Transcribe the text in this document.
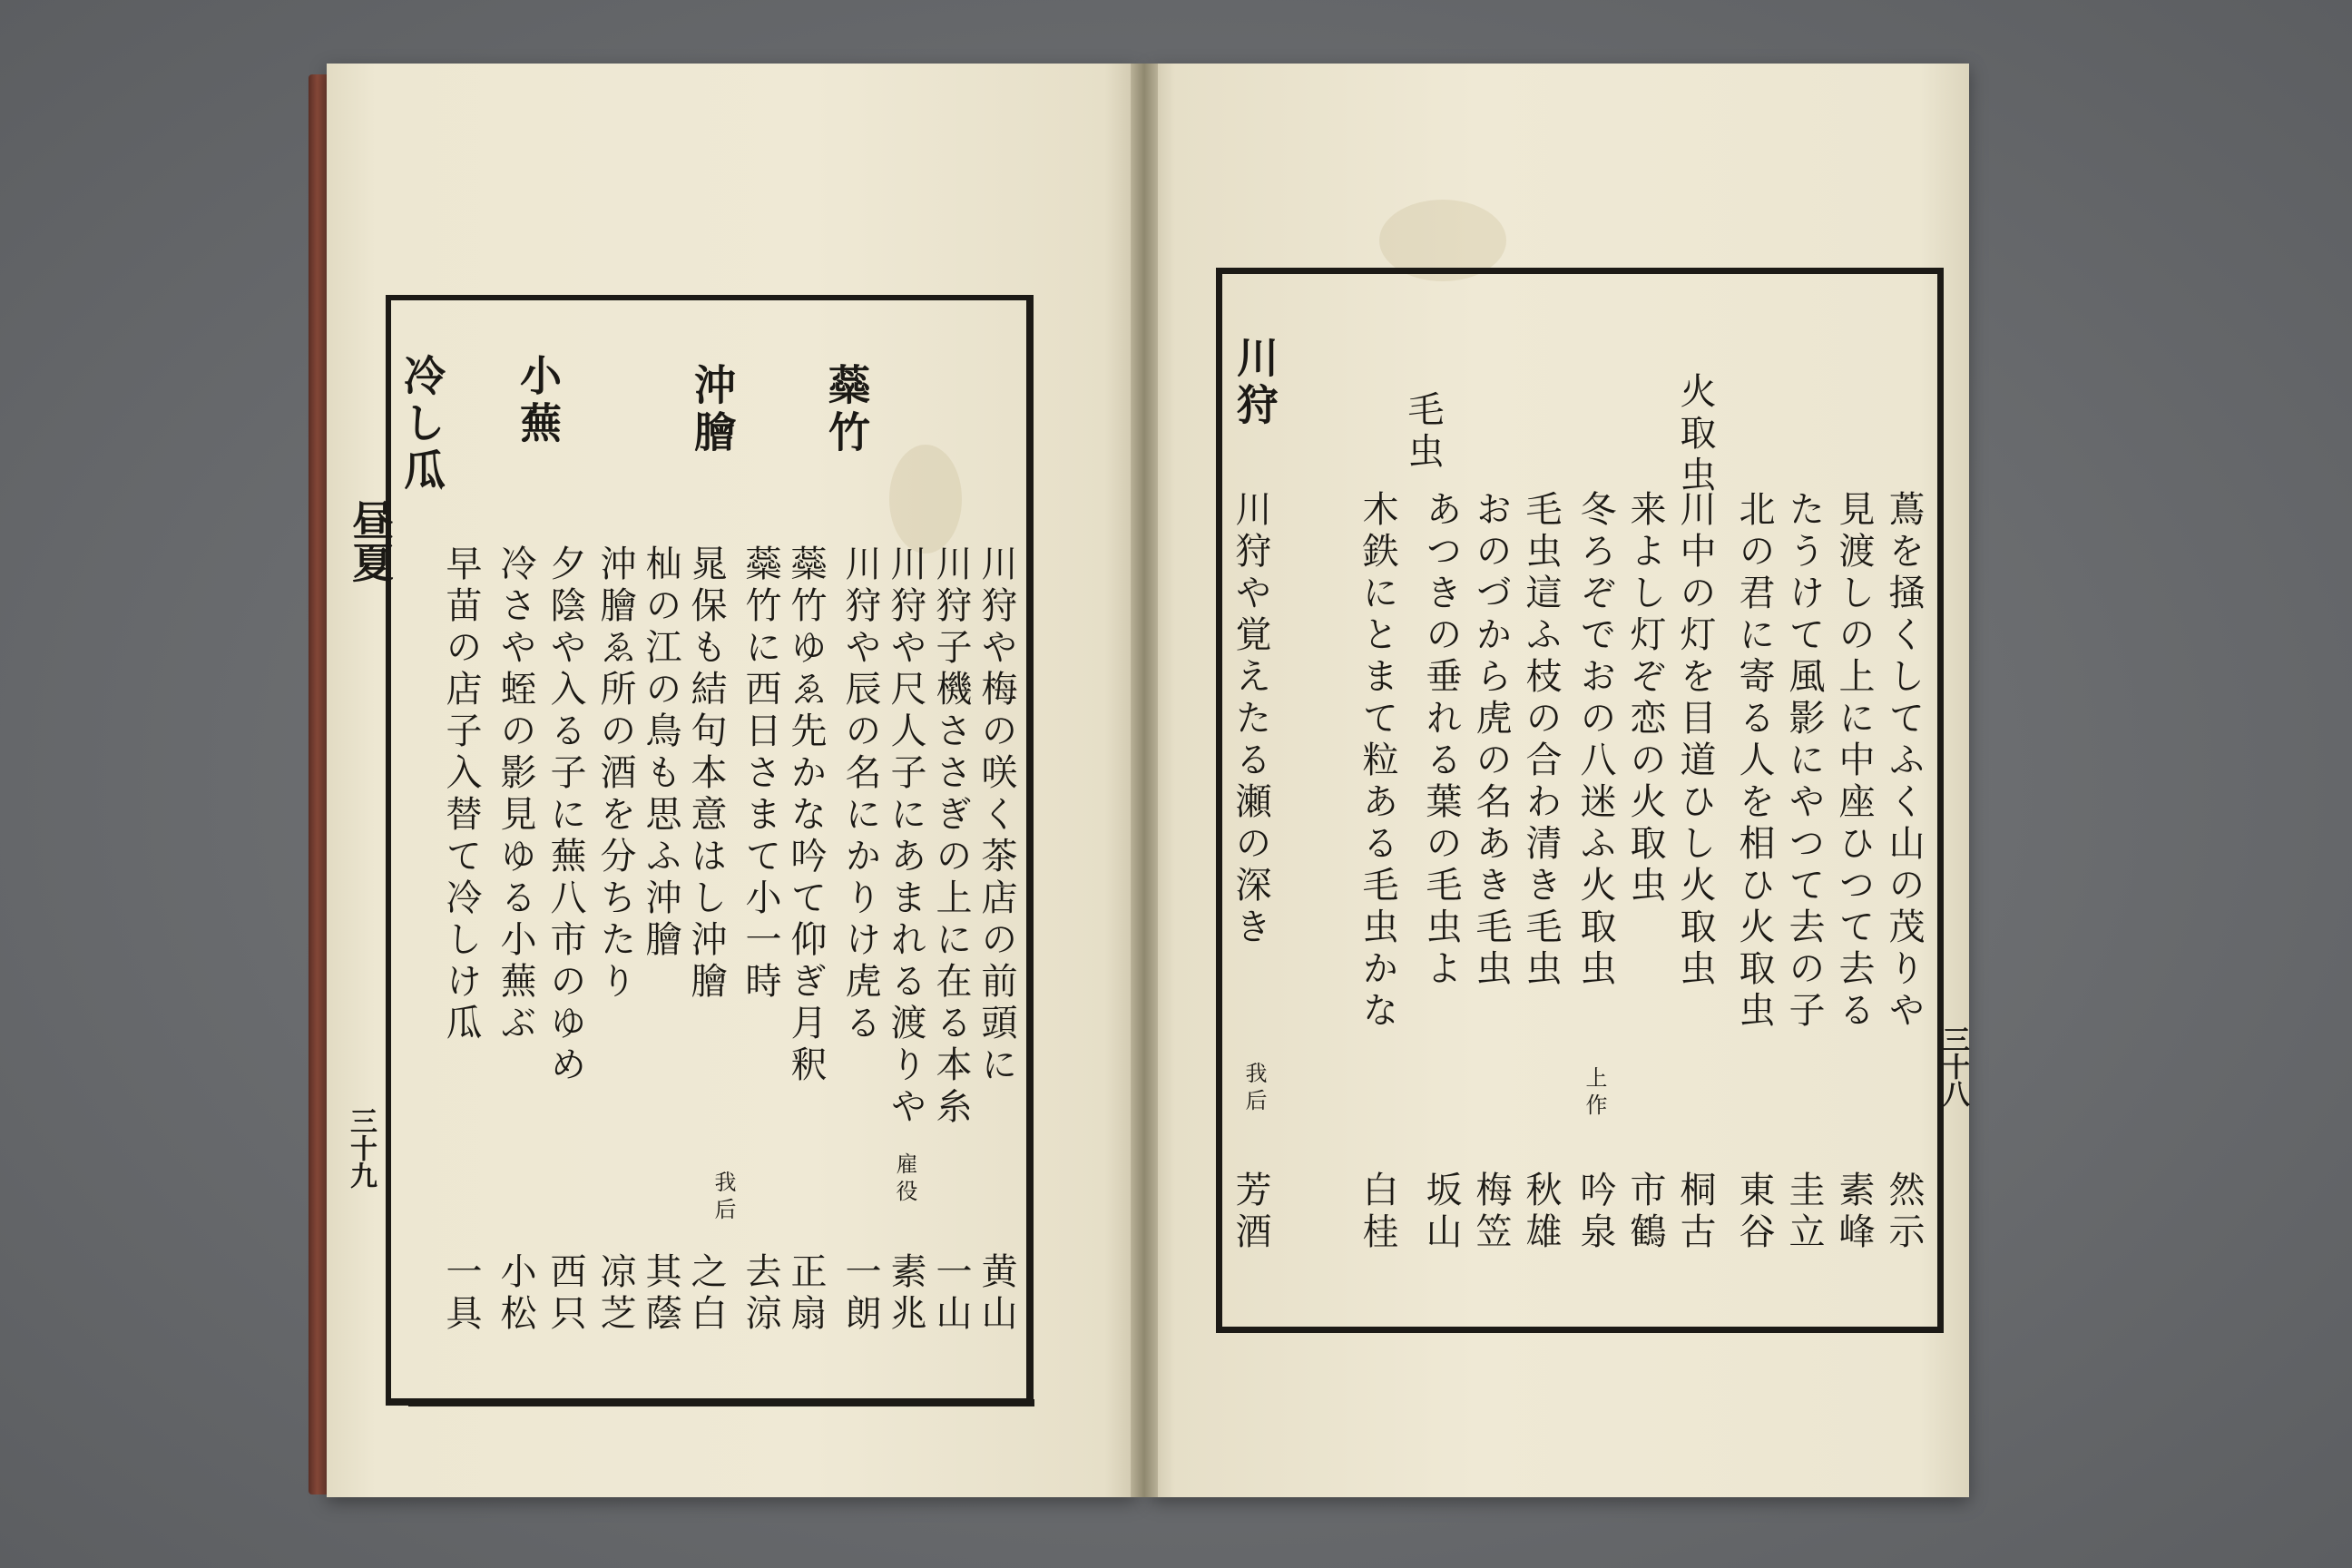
昼夏
三十九
冷し瓜 小蕪	沖膾 蘂竹
川狩や梅の咲く茶店の前頭に
黄山
川狩子機ささぎの上に在る本糸
一山
川狩や尺人子にあまれる渡りや
雇役
素兆
川狩や辰の名にかりけ虎る
一朗
蘂竹ゆゑ先かな吟て仰ぎ月釈
正扇
蘂竹に西日さまて小一時
去涼
晁保も結句本意はし沖膾
我后
之白
杣の江の鳥も思ふ沖膾
其蔭
沖膾ゑ所の酒を分ちたり
凉芝
夕陰や入る子に蕪八市のゆめ
西只
冷さや蛭の影見ゆる小蕪ぶ
小松
早苗の店子入替て冷しけ瓜
一具
三十八
川狩
毛虫	火取虫
蔦を掻くしてふく山の茂りや
然示
見渡しの上に中座ひつて去る
素峰
たうけて風影にやつて去の子
圭立
北の君に寄る人を相ひ火取虫
東谷
川中の灯を目道ひし火取虫
桐古
来よし灯ぞ恋の火取虫
市鶴
冬ろぞでおの八迷ふ火取虫
上作
吟泉
毛虫這ふ枝の合わ清き毛虫
秋雄
おのづから虎の名あき毛虫
梅笠
あつきの垂れる葉の毛虫よ
坂山
木鉄にとまて粒ある毛虫かな
白桂
川狩や覚えたる瀬の深き
我后
芳酒
